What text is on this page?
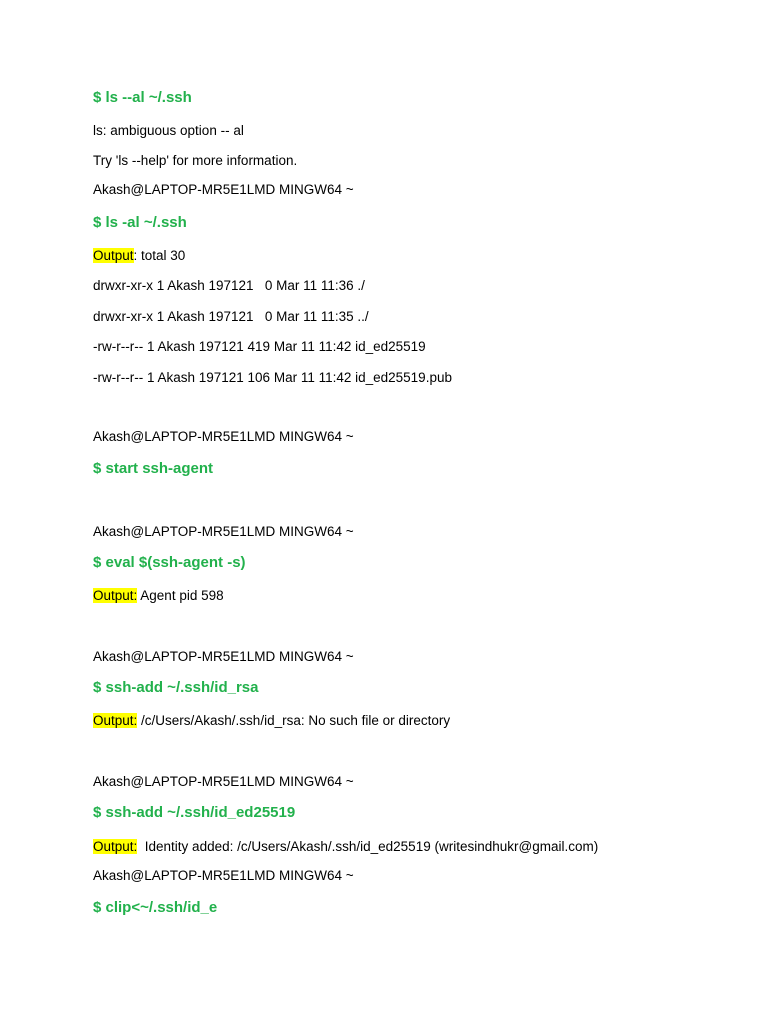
$ ls --al ~/.ssh
ls: ambiguous option -- al
Try 'ls --help' for more information.
Akash@LAPTOP-MR5E1LMD MINGW64 ~
$ ls -al ~/.ssh
Output: total 30
drwxr-xr-x 1 Akash 197121   0 Mar 11 11:36 ./
drwxr-xr-x 1 Akash 197121   0 Mar 11 11:35 ../
-rw-r--r-- 1 Akash 197121 419 Mar 11 11:42 id_ed25519
-rw-r--r-- 1 Akash 197121 106 Mar 11 11:42 id_ed25519.pub
Akash@LAPTOP-MR5E1LMD MINGW64 ~
$ start ssh-agent
Akash@LAPTOP-MR5E1LMD MINGW64 ~
$ eval $(ssh-agent -s)
Output: Agent pid 598
Akash@LAPTOP-MR5E1LMD MINGW64 ~
$ ssh-add ~/.ssh/id_rsa
Output: /c/Users/Akash/.ssh/id_rsa: No such file or directory
Akash@LAPTOP-MR5E1LMD MINGW64 ~
$ ssh-add ~/.ssh/id_ed25519
Output:  Identity added: /c/Users/Akash/.ssh/id_ed25519 (writesindhukr@gmail.com)
Akash@LAPTOP-MR5E1LMD MINGW64 ~
$ clip<~/.ssh/id_e
